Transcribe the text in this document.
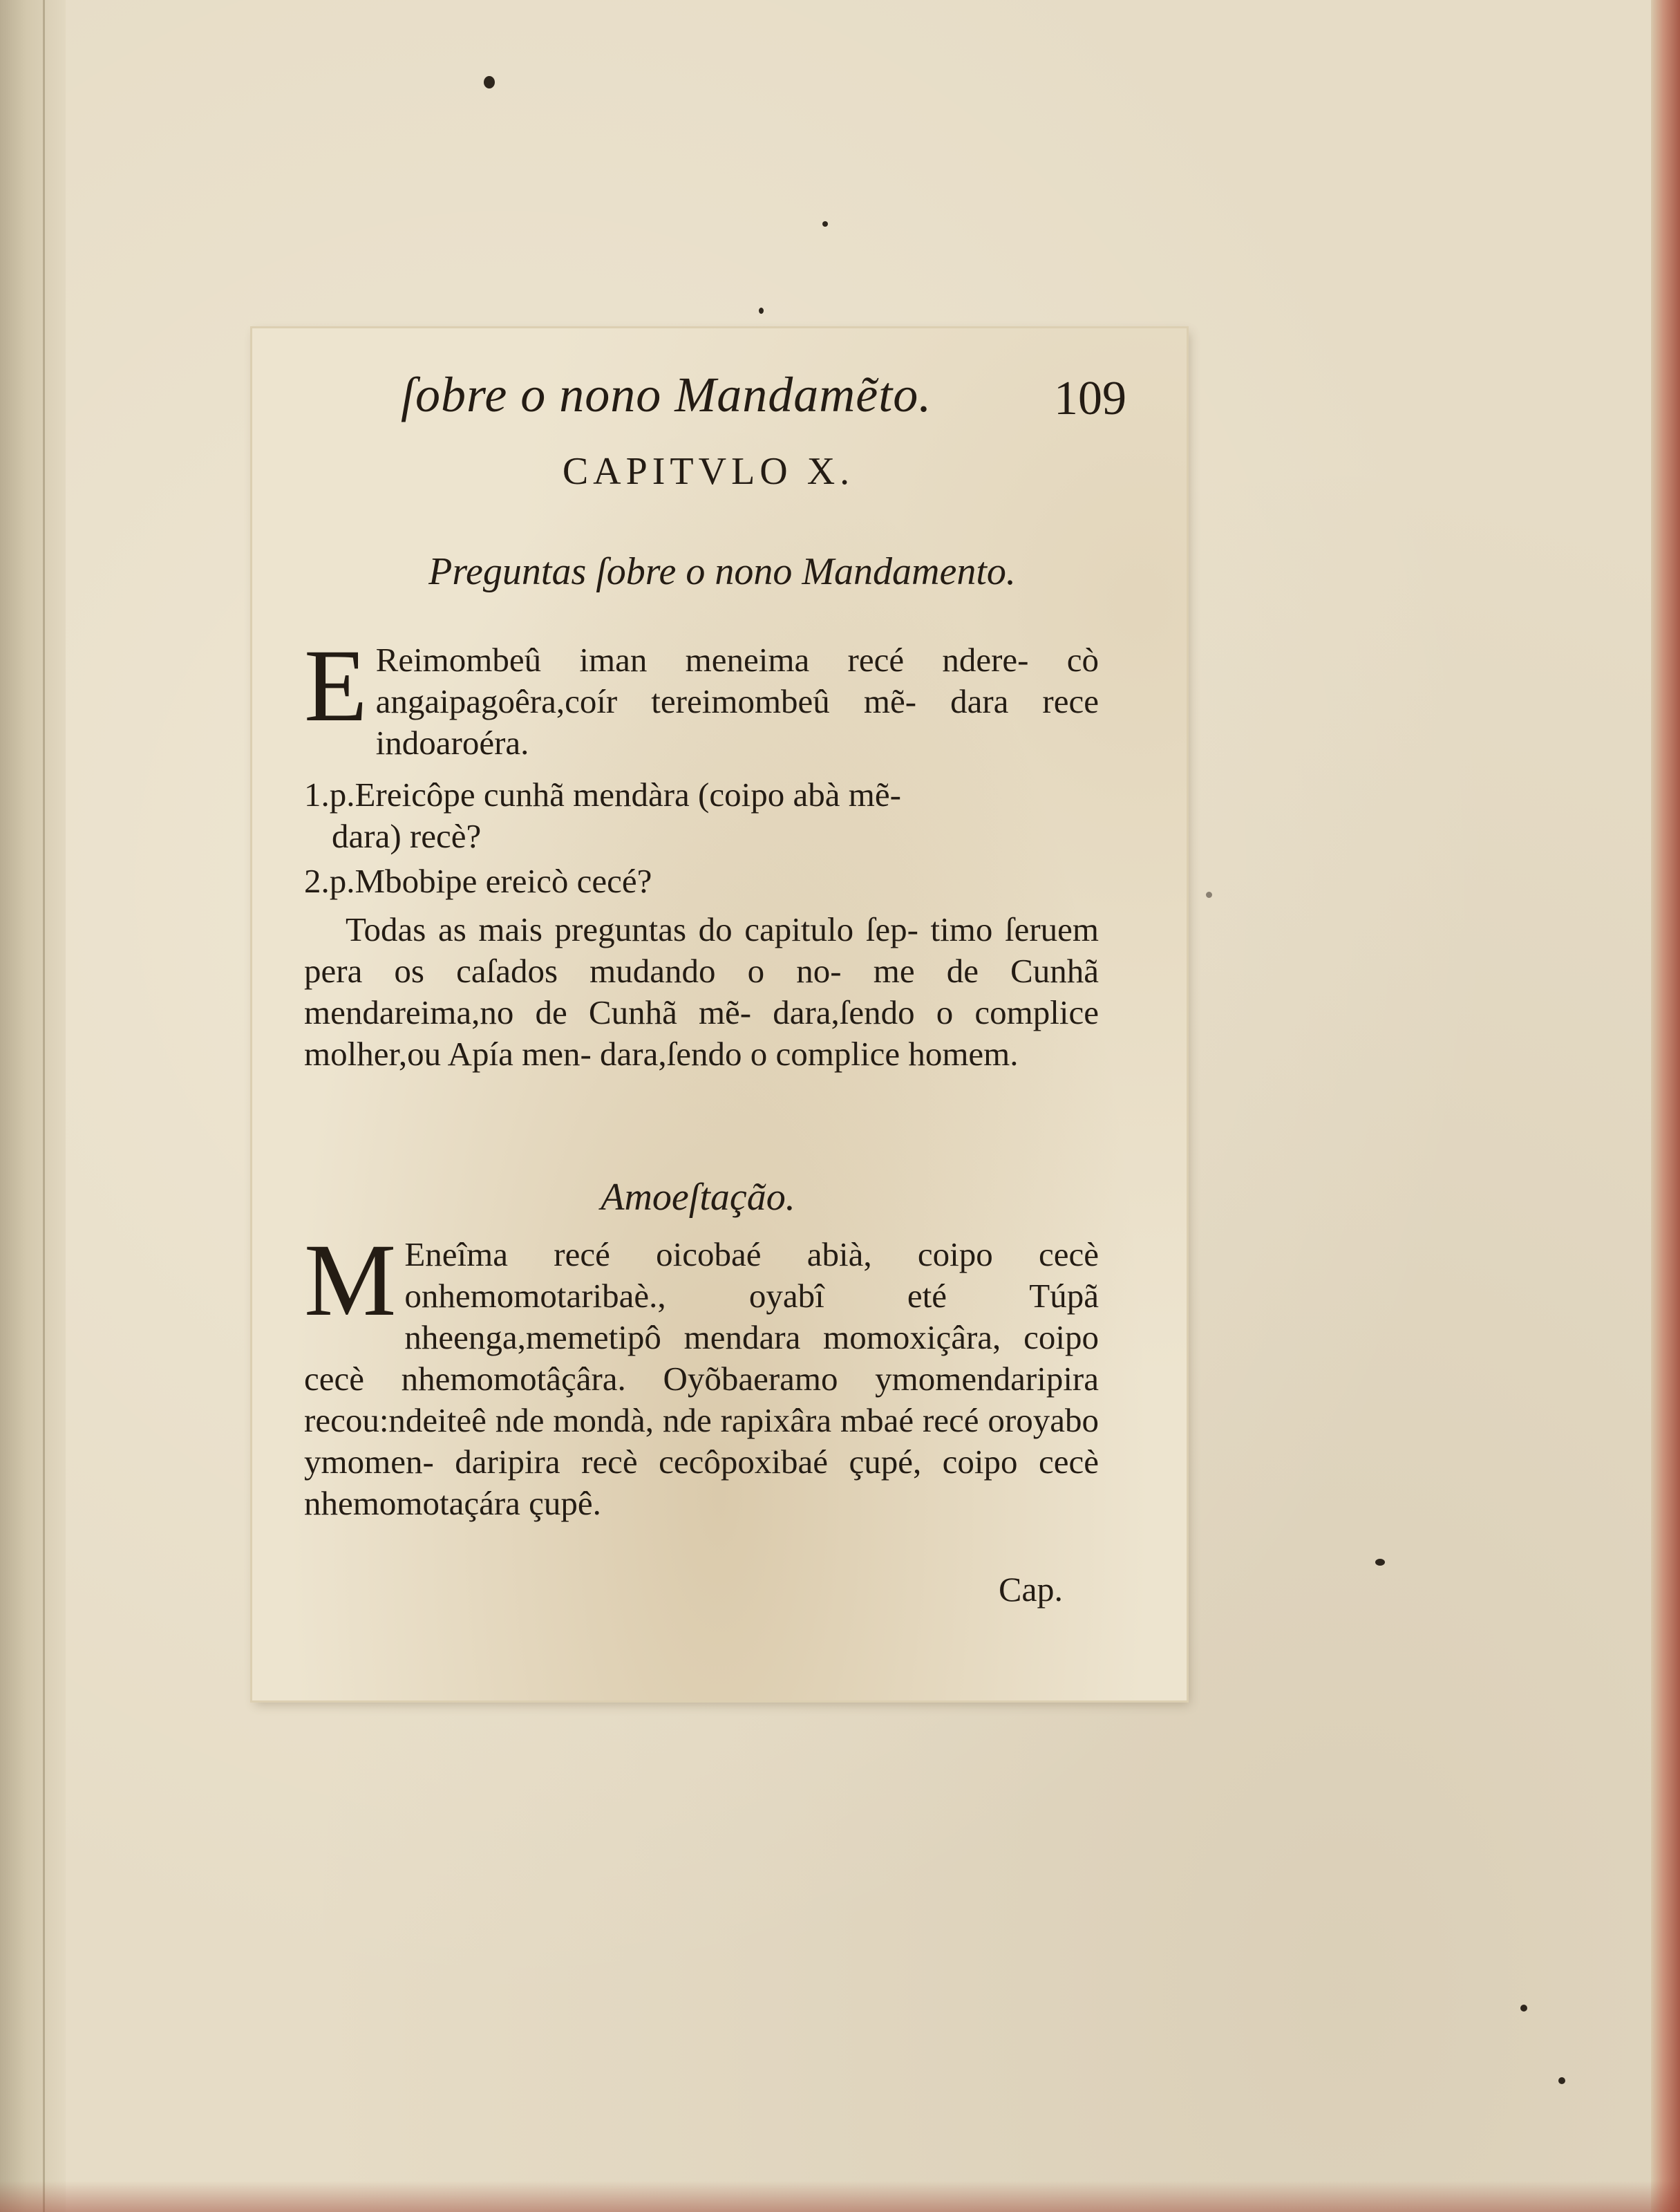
ſobre o nono Mandamẽto.	109
CAPITVLO X.
Preguntas ſobre o nono Mandamento.
E Reimombeû iman meneima recé ndere- cò angaipagoêra,coír tereimombeû mẽ- dara rece indoaroéra.
1.p.Ereicôpe cunhã mendàra (coipo abà mẽ-
dara) recè?
2.p.Mbobipe ereicò cecé?
Todas as mais preguntas do capitulo ſep- timo ſeruem pera os caſados mudando o no- me de Cunhã mendareima,no de Cunhã mẽ- dara,ſendo o complice molher,ou Apía men- dara,ſendo o complice homem.
Amoeſtação.
M Eneîma recé oicobaé abià, coipo cecè onhemomotaribaè., oyabî eté Túpã nheenga,memetipô mendara momoxiçâra, coipo cecè nhemomotâçâra. Oyõbaeramo ymomendaripira recou:ndeiteê nde mondà, nde rapixâra mbaé recé oroyabo ymomen- daripira recè cecôpoxibaé çupé, coipo cecè nhemomotaçára çupê.
Cap.
